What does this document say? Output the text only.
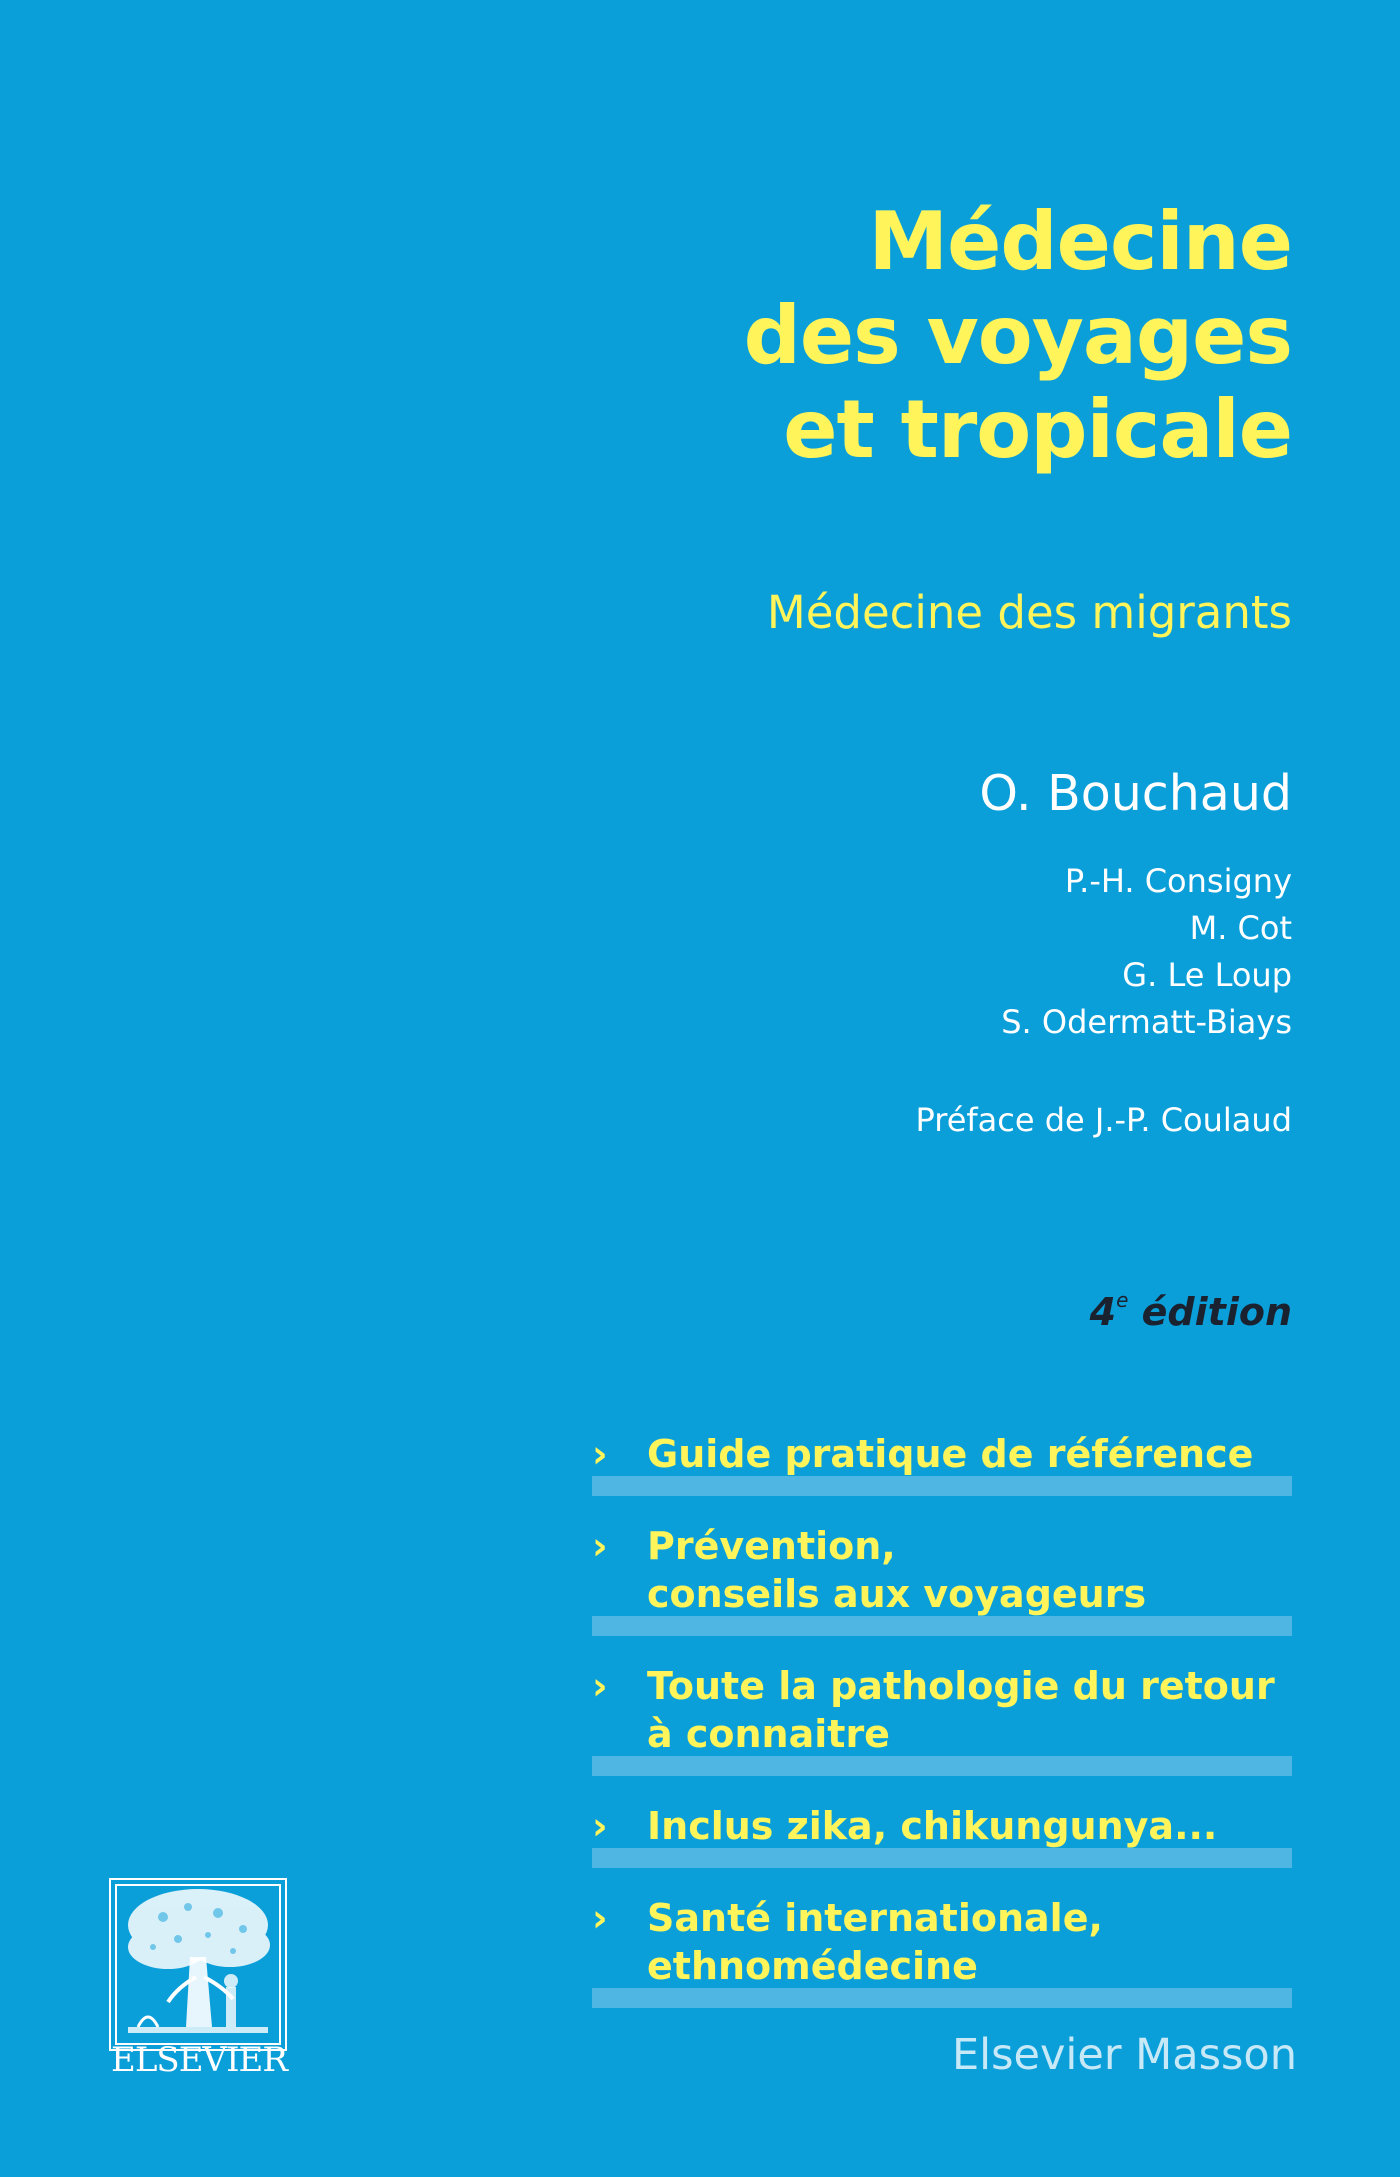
Médecine
des voyages
et tropicale
Médecine des migrants
O. Bouchaud
P.-H. Consigny
M. Cot
G. Le Loup
S. Odermatt-Biays
Préface de J.-P. Coulaud
4e édition
›	Guide pratique de référence
›	Prévention,
conseils aux voyageurs
›	Toute la pathologie du retour
à connaitre
›	Inclus zika, chikungunya...
›	Santé internationale,
ethnomédecine
ELSEVIER	Elsevier Masson
